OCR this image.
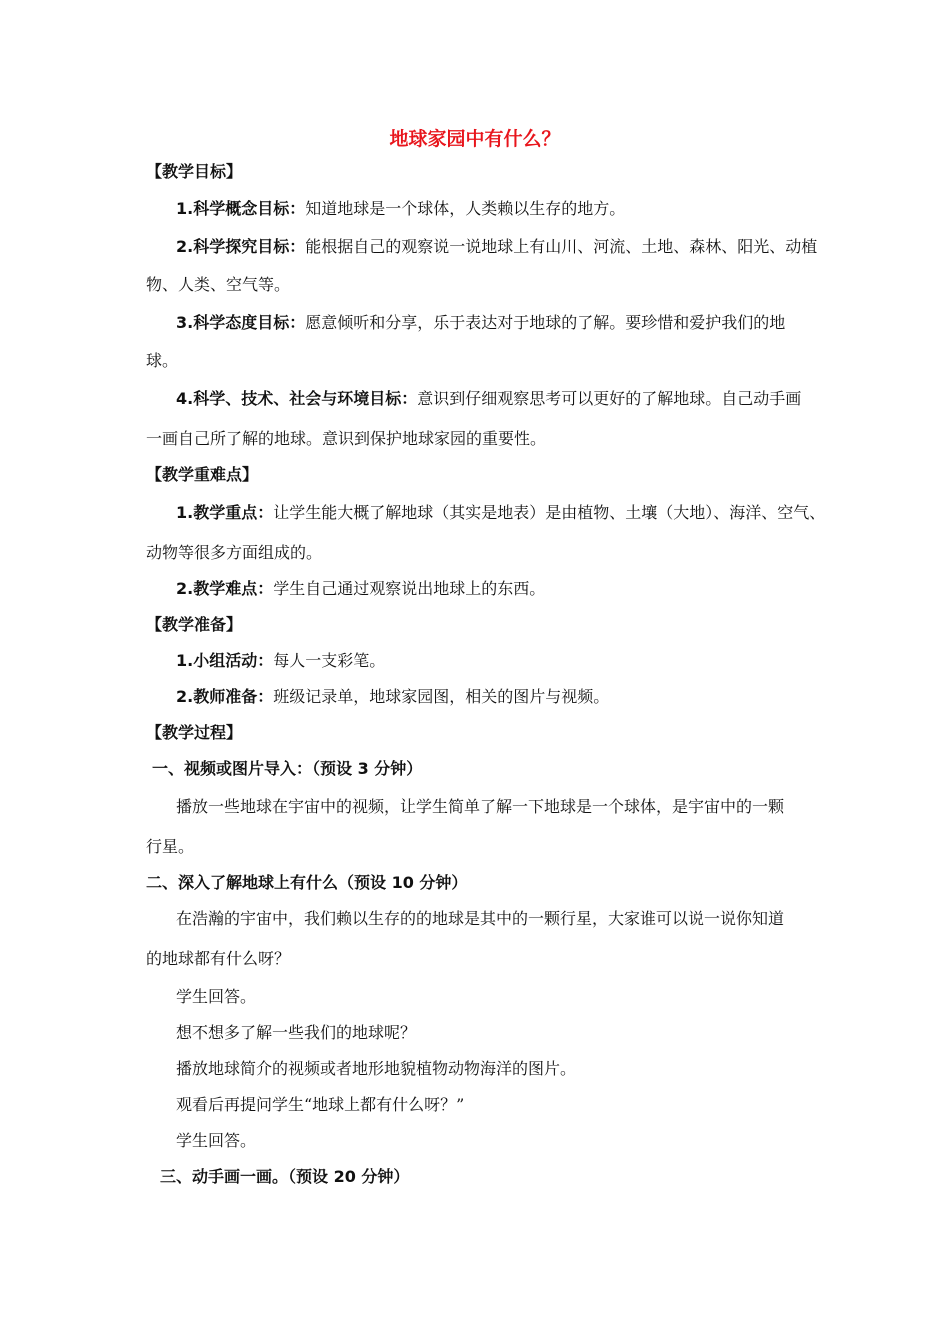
地球家园中有什么？
【教学目标】
1.科学概念目标：知道地球是一个球体，人类赖以生存的地方。
2.科学探究目标：能根据自己的观察说一说地球上有山川、河流、土地、森林、阳光、动植
物、人类、空气等。
3.科学态度目标：愿意倾听和分享，乐于表达对于地球的了解。要珍惜和爱护我们的地
球。
4.科学、技术、社会与环境目标：意识到仔细观察思考可以更好的了解地球。自己动手画
一画自己所了解的地球。意识到保护地球家园的重要性。
【教学重难点】
1.教学重点：让学生能大概了解地球（其实是地表）是由植物、土壤（大地）、海洋、空气、
动物等很多方面组成的。
2.教学难点：学生自己通过观察说出地球上的东西。
【教学准备】
1.小组活动：每人一支彩笔。
2.教师准备：班级记录单，地球家园图，相关的图片与视频。
【教学过程】
一、视频或图片导入：（预设 3 分钟）
播放一些地球在宇宙中的视频，让学生简单了解一下地球是一个球体，是宇宙中的一颗
行星。
二、深入了解地球上有什么（预设 10 分钟）
在浩瀚的宇宙中，我们赖以生存的的地球是其中的一颗行星，大家谁可以说一说你知道
的地球都有什么呀？
学生回答。
想不想多了解一些我们的地球呢？
播放地球简介的视频或者地形地貌植物动物海洋的图片。
观看后再提问学生“地球上都有什么呀？”
学生回答。
三、动手画一画。（预设 20 分钟）
